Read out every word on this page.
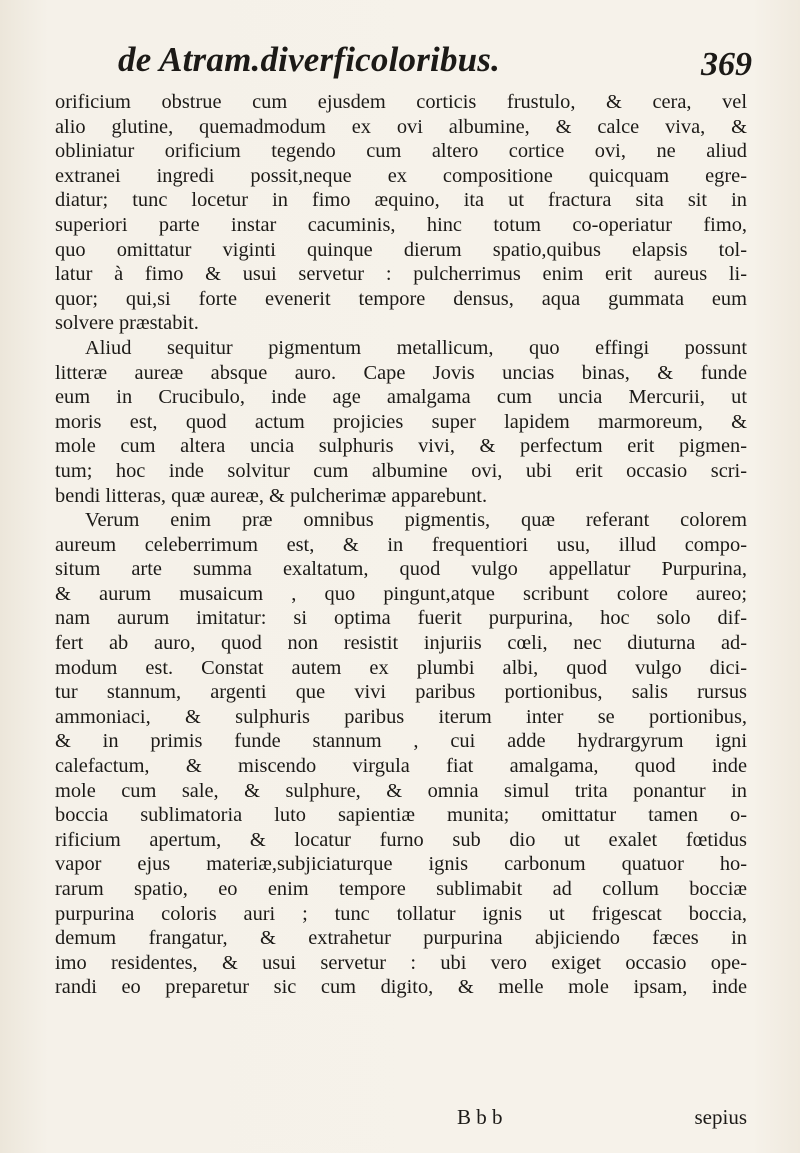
de Atram.diverficoloribus.	369
orificium obstrue cum ejusdem corticis frustulo, & cera, vel
alio glutine, quemadmodum ex ovi albumine, & calce viva, &
obliniatur orificium tegendo cum altero cortice ovi, ne aliud
extranei ingredi possit,neque ex compositione quicquam egre-
diatur; tunc locetur in fimo æquino, ita ut fractura sita sit in
superiori parte instar cacuminis, hinc totum co-operiatur fimo,
quo omittatur viginti quinque dierum spatio,quibus elapsis tol-
latur à fimo & usui servetur : pulcherrimus enim erit aureus li-
quor; qui,si forte evenerit tempore densus, aqua gummata eum
solvere præstabit.
Aliud sequitur pigmentum metallicum, quo effingi possunt
litteræ aureæ absque auro. Cape Jovis uncias binas, & funde
eum in Crucibulo, inde age amalgama cum uncia Mercurii, ut
moris est, quod actum projicies super lapidem marmoreum, &
mole cum altera uncia sulphuris vivi, & perfectum erit pigmen-
tum; hoc inde solvitur cum albumine ovi, ubi erit occasio scri-
bendi litteras, quæ aureæ, & pulcherimæ apparebunt.
Verum enim præ omnibus pigmentis, quæ referant colorem
aureum celeberrimum est, & in frequentiori usu, illud compo-
situm arte summa exaltatum, quod vulgo appellatur Purpurina,
& aurum musaicum , quo pingunt,atque scribunt colore aureo;
nam aurum imitatur: si optima fuerit purpurina, hoc solo dif-
fert ab auro, quod non resistit injuriis cœli, nec diuturna ad-
modum est. Constat autem ex plumbi albi, quod vulgo dici-
tur stannum, argenti que vivi paribus portionibus, salis rursus
ammoniaci, & sulphuris paribus iterum inter se portionibus,
& in primis funde stannum , cui adde hydrargyrum igni
calefactum, & miscendo virgula fiat amalgama, quod inde
mole cum sale, & sulphure, & omnia simul trita ponantur in
boccia sublimatoria luto sapientiæ munita; omittatur tamen o-
rificium apertum, & locatur furno sub dio ut exalet fœtidus
vapor ejus materiæ,subjiciaturque ignis carbonum quatuor ho-
rarum spatio, eo enim tempore sublimabit ad collum bocciæ
purpurina coloris auri ; tunc tollatur ignis ut frigescat boccia,
demum frangatur, & extrahetur purpurina abjiciendo fæces in
imo residentes, & usui servetur : ubi vero exiget occasio ope-
randi eo preparetur sic cum digito, & melle mole ipsam, inde
B b b	sepius
